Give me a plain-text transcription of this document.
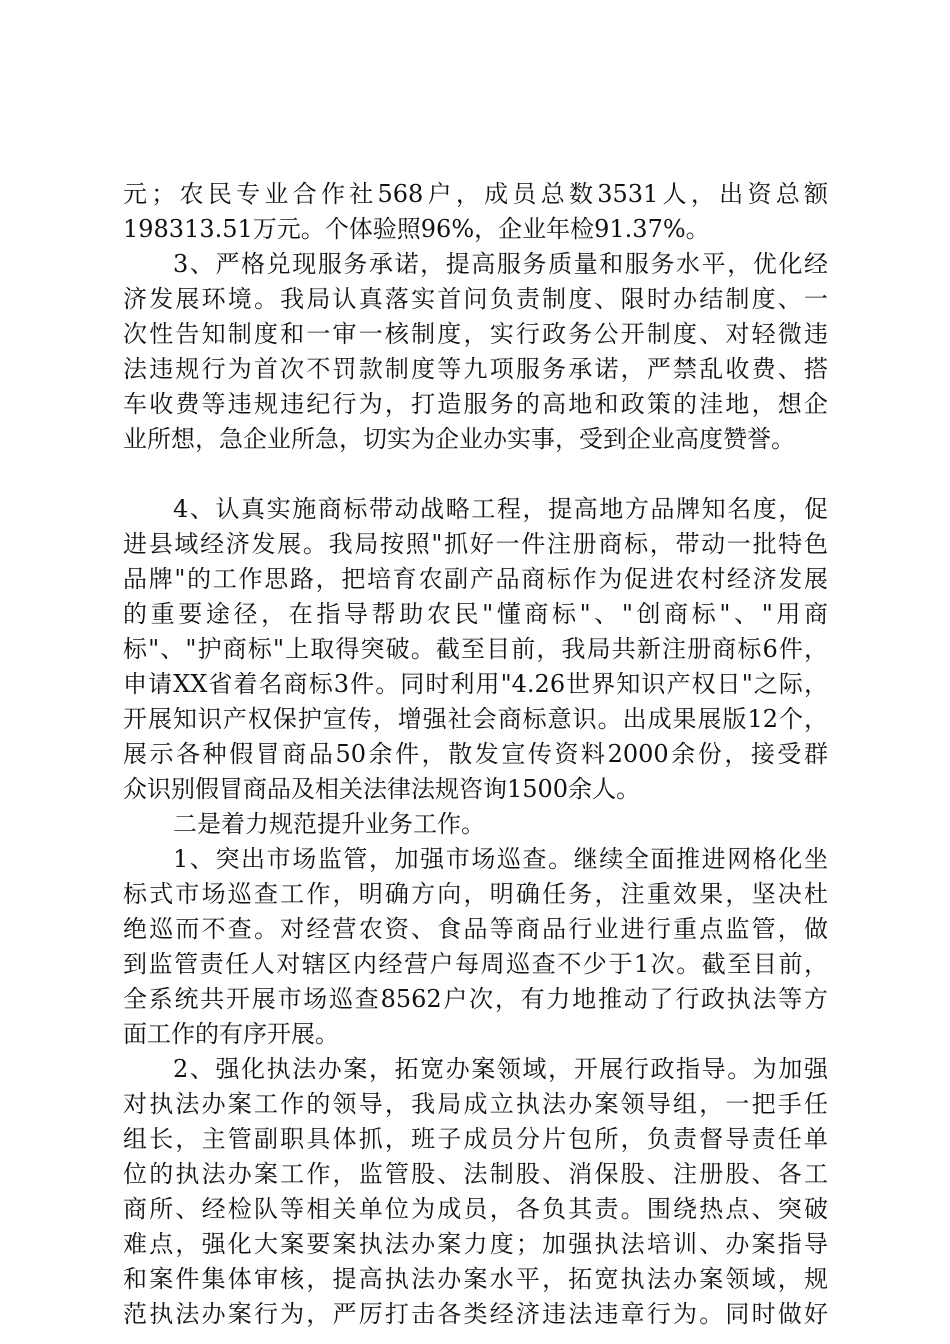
元；农民专业合作社568户，成员总数3531人，出资总额
198313.51万元。个体验照96%，企业年检91.37%。
3、严格兑现服务承诺，提高服务质量和服务水平，优化经
济发展环境。我局认真落实首问负责制度、限时办结制度、一
次性告知制度和一审一核制度，实行政务公开制度、对轻微违
法违规行为首次不罚款制度等九项服务承诺，严禁乱收费、搭
车收费等违规违纪行为，打造服务的高地和政策的洼地，想企
业所想，急企业所急，切实为企业办实事，受到企业高度赞誉。
4、认真实施商标带动战略工程，提高地方品牌知名度，促
进县域经济发展。我局按照"抓好一件注册商标，带动一批特色
品牌"的工作思路，把培育农副产品商标作为促进农村经济发展
的重要途径，在指导帮助农民"懂商标"、"创商标"、"用商
标"、"护商标"上取得突破。截至目前，我局共新注册商标6件，
申请XX省着名商标3件。同时利用"4.26世界知识产权日"之际，
开展知识产权保护宣传，增强社会商标意识。出成果展版12个，
展示各种假冒商品50余件，散发宣传资料2000余份，接受群
众识别假冒商品及相关法律法规咨询1500余人。
二是着力规范提升业务工作。
1、突出市场监管，加强市场巡查。继续全面推进网格化坐
标式市场巡查工作，明确方向，明确任务，注重效果，坚决杜
绝巡而不查。对经营农资、食品等商品行业进行重点监管，做
到监管责任人对辖区内经营户每周巡查不少于1次。截至目前，
全系统共开展市场巡查8562户次，有力地推动了行政执法等方
面工作的有序开展。
2、强化执法办案，拓宽办案领域，开展行政指导。为加强
对执法办案工作的领导，我局成立执法办案领导组，一把手任
组长，主管副职具体抓，班子成员分片包所，负责督导责任单
位的执法办案工作，监管股、法制股、消保股、注册股、各工
商所、经检队等相关单位为成员，各负其责。围绕热点、突破
难点，强化大案要案执法办案力度；加强执法培训、办案指导
和案件集体审核，提高执法办案水平，拓宽执法办案领域，规
范执法办案行为，严厉打击各类经济违法违章行为。同时做好
